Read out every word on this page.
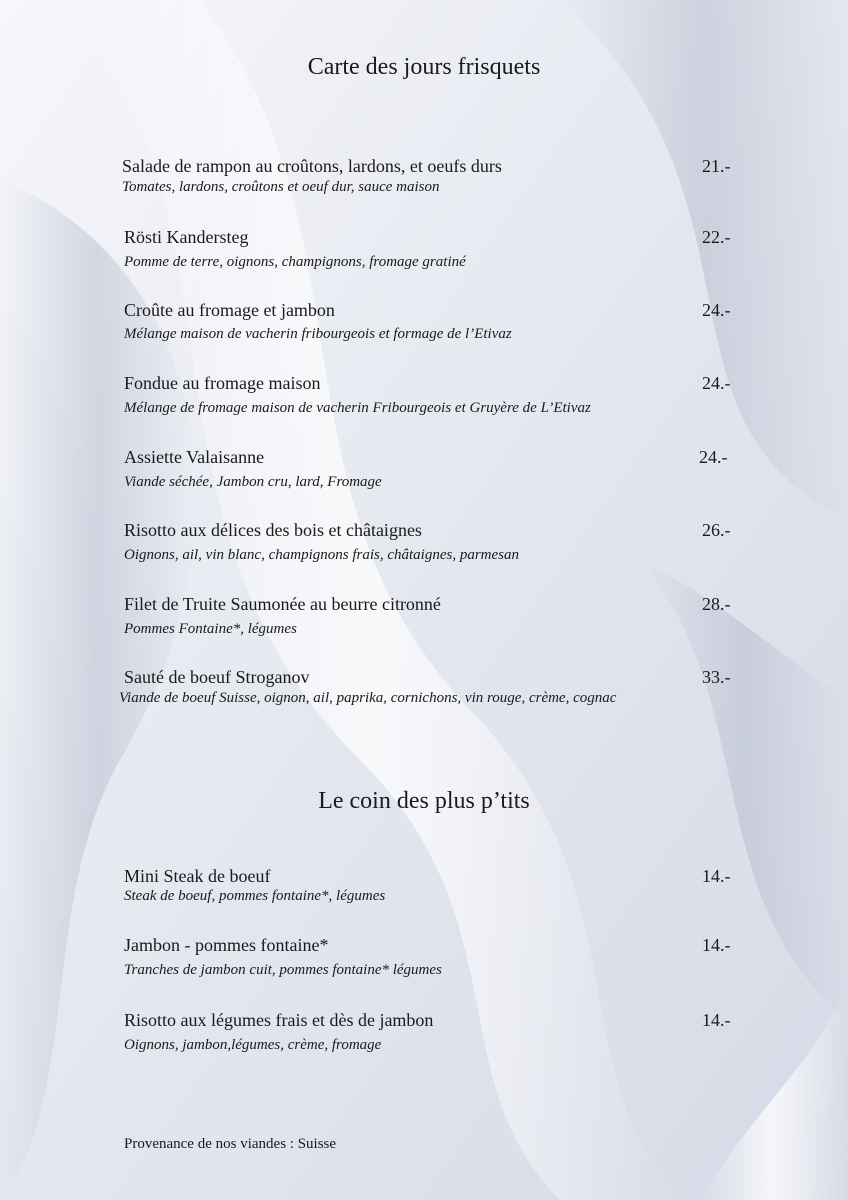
Carte des jours frisquets
Salade de rampon au croûtons, lardons, et oeufs durs	21.-
Tomates, lardons, croûtons et oeuf dur, sauce maison
Rösti Kandersteg	22.-
Pomme de terre, oignons, champignons, fromage gratiné
Croûte au fromage et jambon	24.-
Mélange maison de vacherin fribourgeois et formage de l’Etivaz
Fondue au fromage maison	24.-
Mélange de fromage maison de vacherin Fribourgeois et Gruyère de L’Etivaz
Assiette Valaisanne	24.-
Viande séchée, Jambon cru, lard, Fromage
Risotto aux délices des bois et châtaignes	26.-
Oignons, ail, vin blanc, champignons frais, châtaignes, parmesan
Filet de Truite Saumonée au beurre citronné	28.-
Pommes Fontaine*, légumes
Sauté de boeuf Stroganov	33.-
Viande de boeuf Suisse, oignon, ail, paprika, cornichons, vin rouge, crème, cognac
Le coin des plus p’tits
Mini Steak de boeuf	14.-
Steak de boeuf, pommes fontaine*, légumes
Jambon - pommes fontaine*	14.-
Tranches de jambon cuit, pommes fontaine* légumes
Risotto aux légumes frais et dès de jambon	14.-
Oignons, jambon,légumes, crème, fromage
Provenance de nos viandes : Suisse
